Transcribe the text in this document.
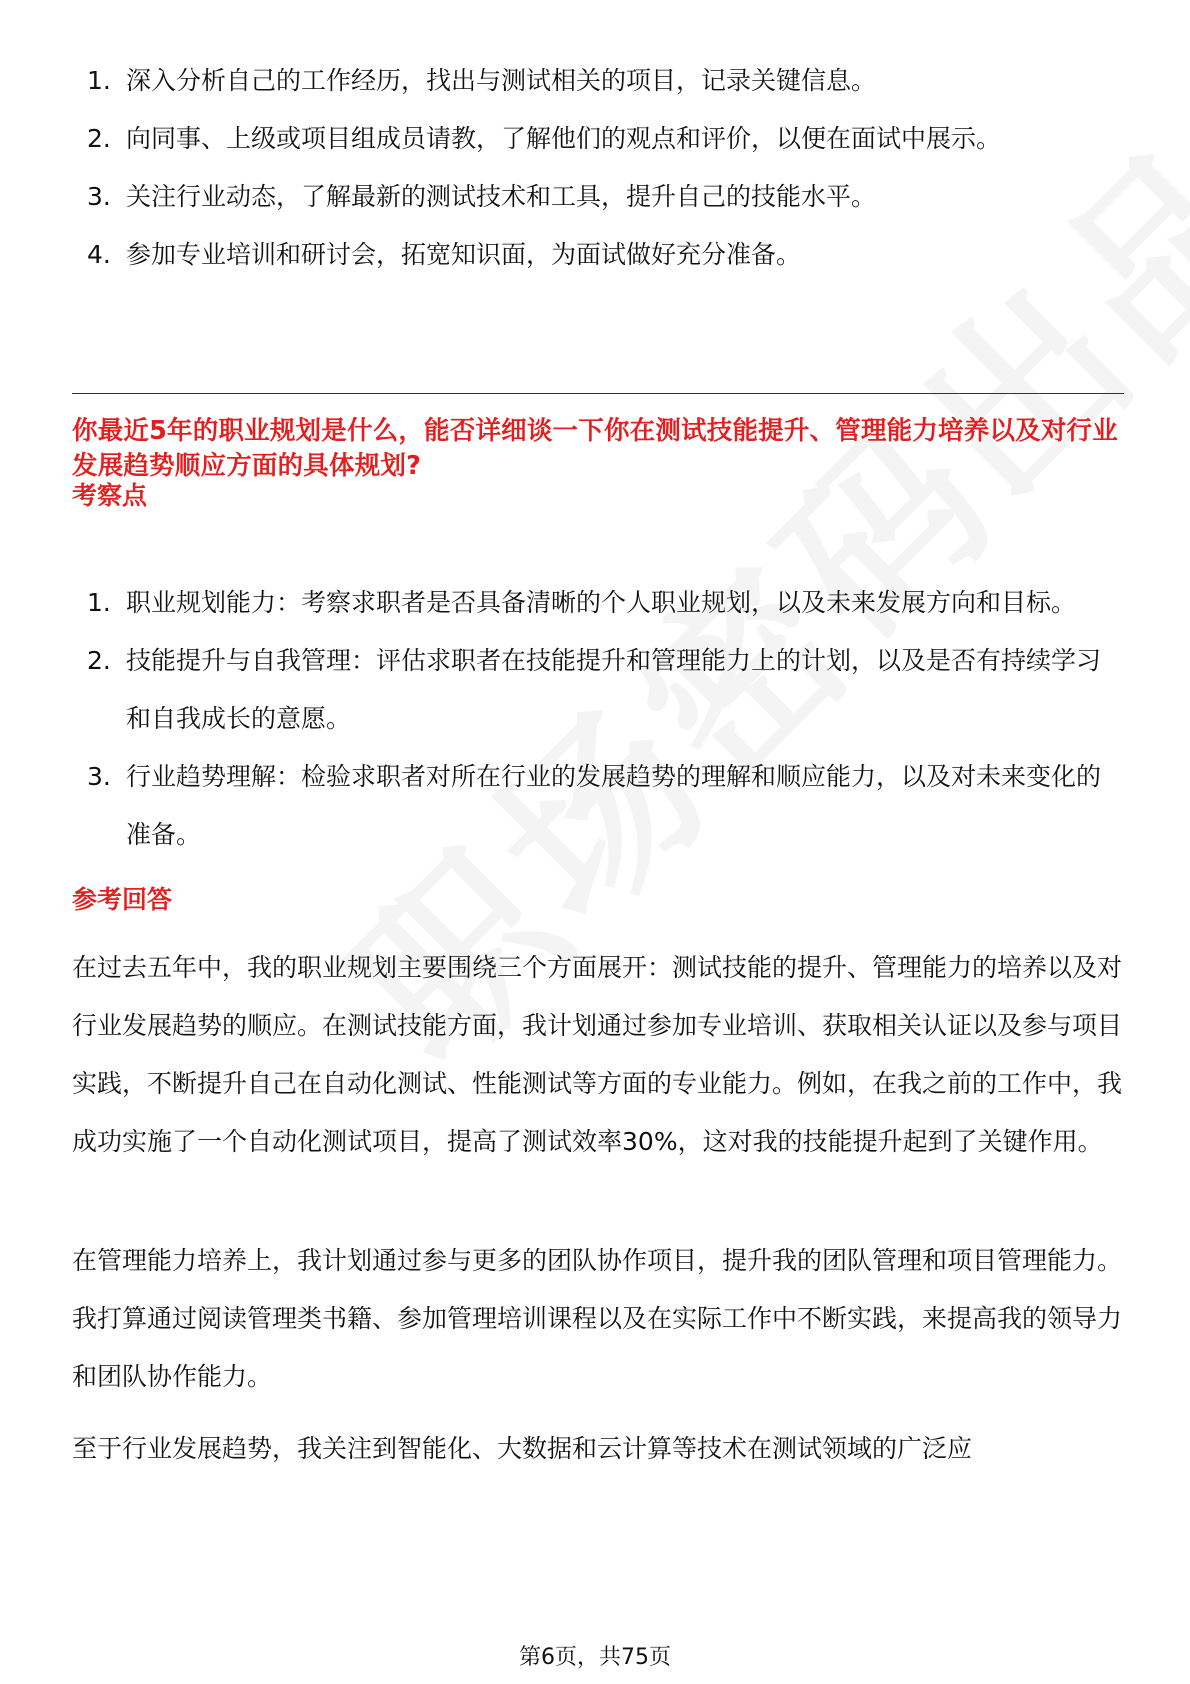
1. 深入分析自己的工作经历，找出与测试相关的项目，记录关键信息。
2. 向同事、上级或项目组成员请教，了解他们的观点和评价，以便在面试中展示。
3. 关注行业动态，了解最新的测试技术和工具，提升自己的技能水平。
4. 参加专业培训和研讨会，拓宽知识面，为面试做好充分准备。
你最近5年的职业规划是什么，能否详细谈一下你在测试技能提升、管理能力培养以及对行业发展趋势顺应方面的具体规划?
考察点
1. 职业规划能力：考察求职者是否具备清晰的个人职业规划，以及未来发展方向和目标。
2. 技能提升与自我管理：评估求职者在技能提升和管理能力上的计划，以及是否有持续学习和自我成长的意愿。
3. 行业趋势理解：检验求职者对所在行业的发展趋势的理解和顺应能力，以及对未来变化的准备。
参考回答

在过去五年中，我的职业规划主要围绕三个方面展开：测试技能的提升、管理能力的培养以及对行业发展趋势的顺应。在测试技能方面，我计划通过参加专业培训、获取相关认证以及参与项目实践，不断提升自己在自动化测试、性能测试等方面的专业能力。例如，在我之前的工作中，我成功实施了一个自动化测试项目，提高了测试效率30%，这对我的技能提升起到了关键作用。

在管理能力培养上，我计划通过参与更多的团队协作项目，提升我的团队管理和项目管理能力。我打算通过阅读管理类书籍、参加管理培训课程以及在实际工作中不断实践，来提高我的领导力和团队协作能力。

至于行业发展趋势，我关注到智能化、大数据和云计算等技术在测试领域的广泛应

第6页，共75页
